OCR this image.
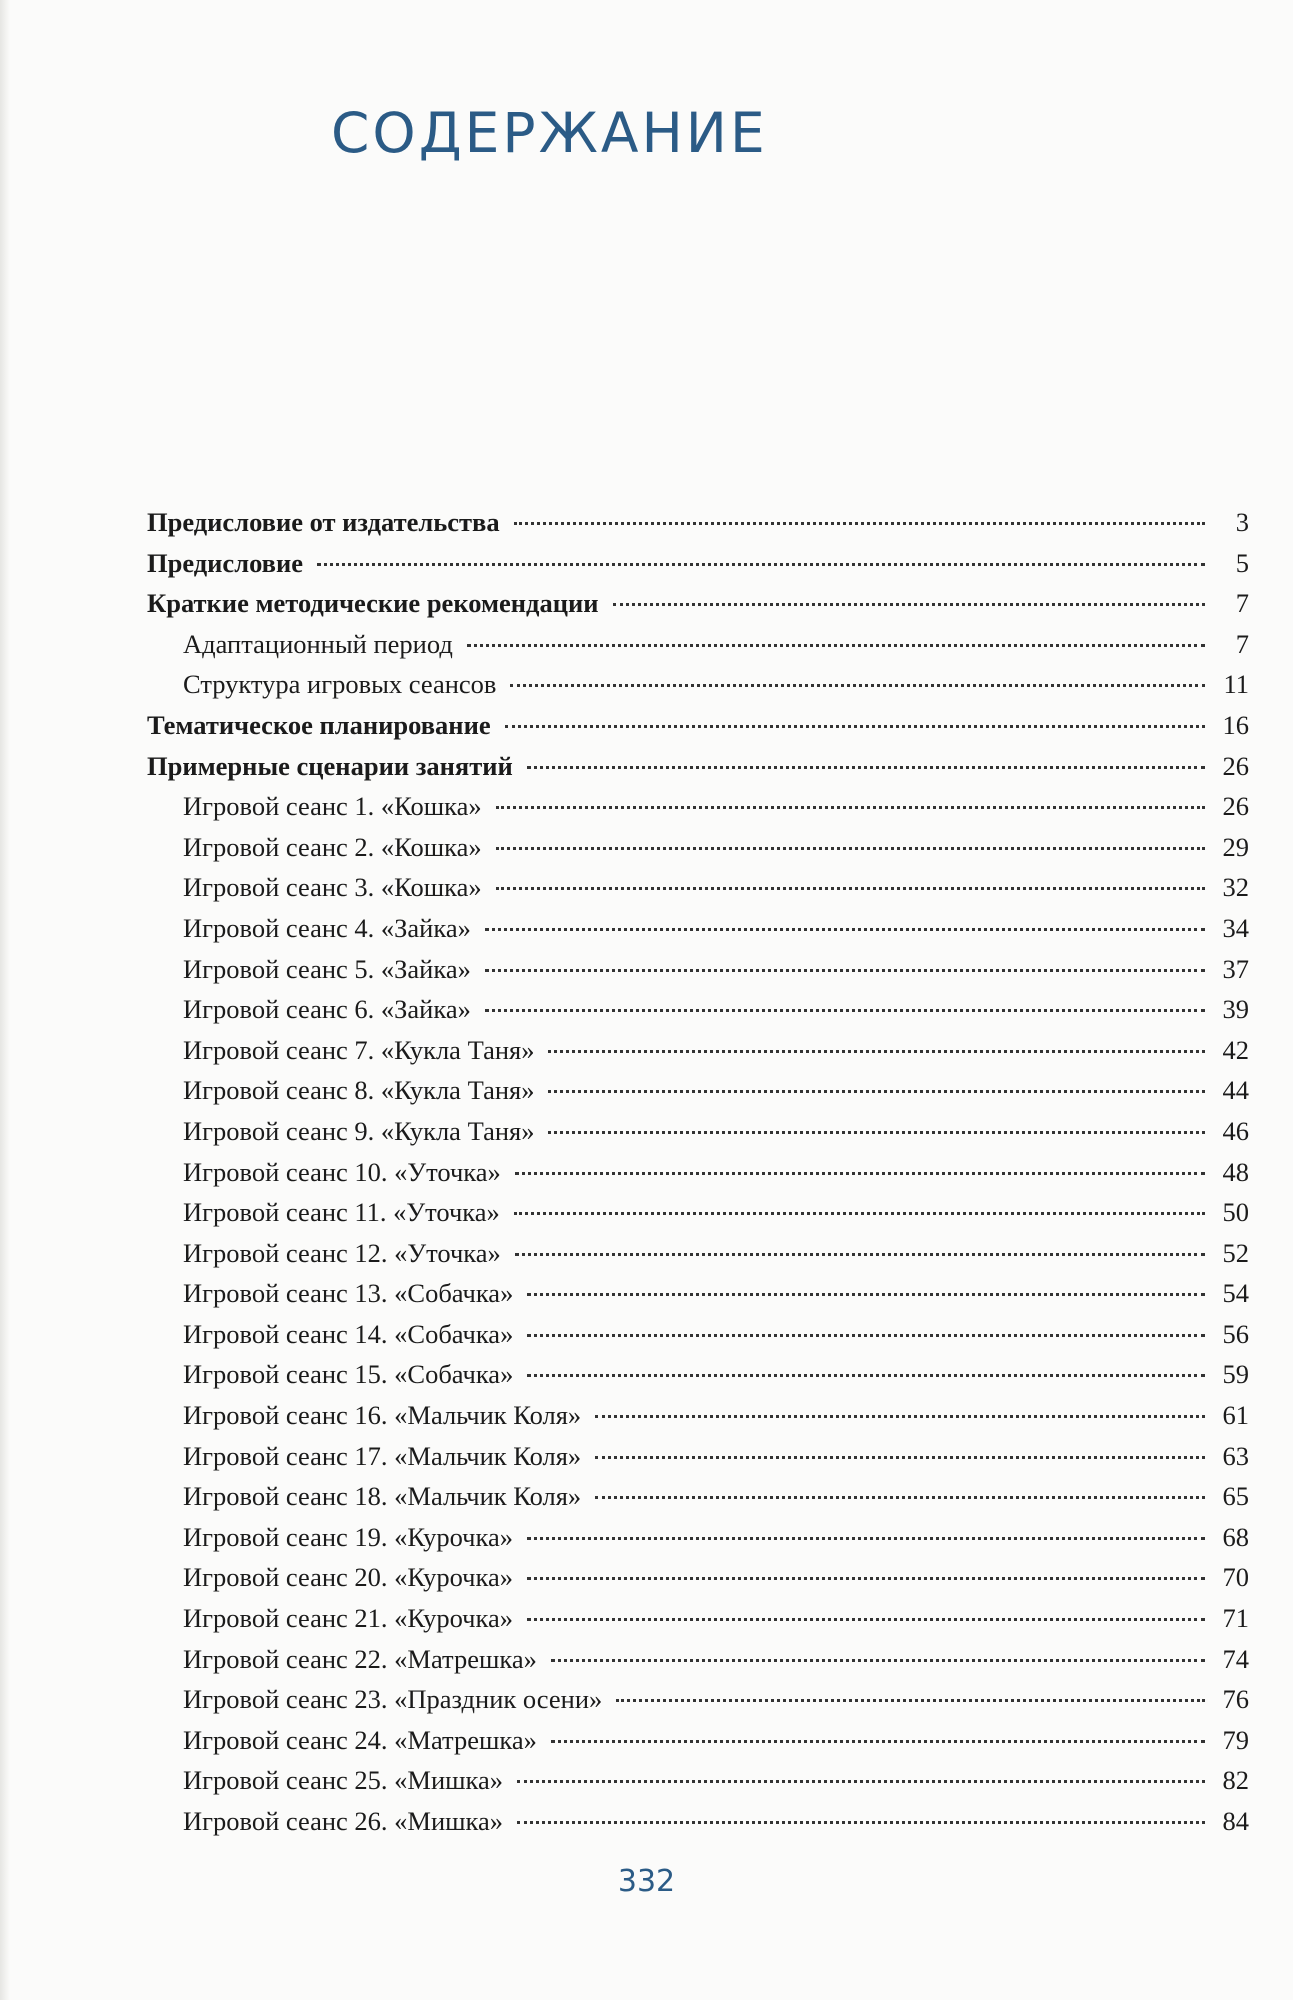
СОДЕРЖАНИЕ
Предисловие от издательства	3
Предисловие	5
Краткие методические рекомендации	7
Адаптационный период	7
Структура игровых сеансов	11
Тематическое планирование	16
Примерные сценарии занятий	26
Игровой сеанс 1. «Кошка»	26
Игровой сеанс 2. «Кошка»	29
Игровой сеанс 3. «Кошка»	32
Игровой сеанс 4. «Зайка»	34
Игровой сеанс 5. «Зайка»	37
Игровой сеанс 6. «Зайка»	39
Игровой сеанс 7. «Кукла Таня»	42
Игровой сеанс 8. «Кукла Таня»	44
Игровой сеанс 9. «Кукла Таня»	46
Игровой сеанс 10. «Уточка»	48
Игровой сеанс 11. «Уточка»	50
Игровой сеанс 12. «Уточка»	52
Игровой сеанс 13. «Собачка»	54
Игровой сеанс 14. «Собачка»	56
Игровой сеанс 15. «Собачка»	59
Игровой сеанс 16. «Мальчик Коля»	61
Игровой сеанс 17. «Мальчик Коля»	63
Игровой сеанс 18. «Мальчик Коля»	65
Игровой сеанс 19. «Курочка»	68
Игровой сеанс 20. «Курочка»	70
Игровой сеанс 21. «Курочка»	71
Игровой сеанс 22. «Матрешка»	74
Игровой сеанс 23. «Праздник осени»	76
Игровой сеанс 24. «Матрешка»	79
Игровой сеанс 25. «Мишка»	82
Игровой сеанс 26. «Мишка»	84
332
